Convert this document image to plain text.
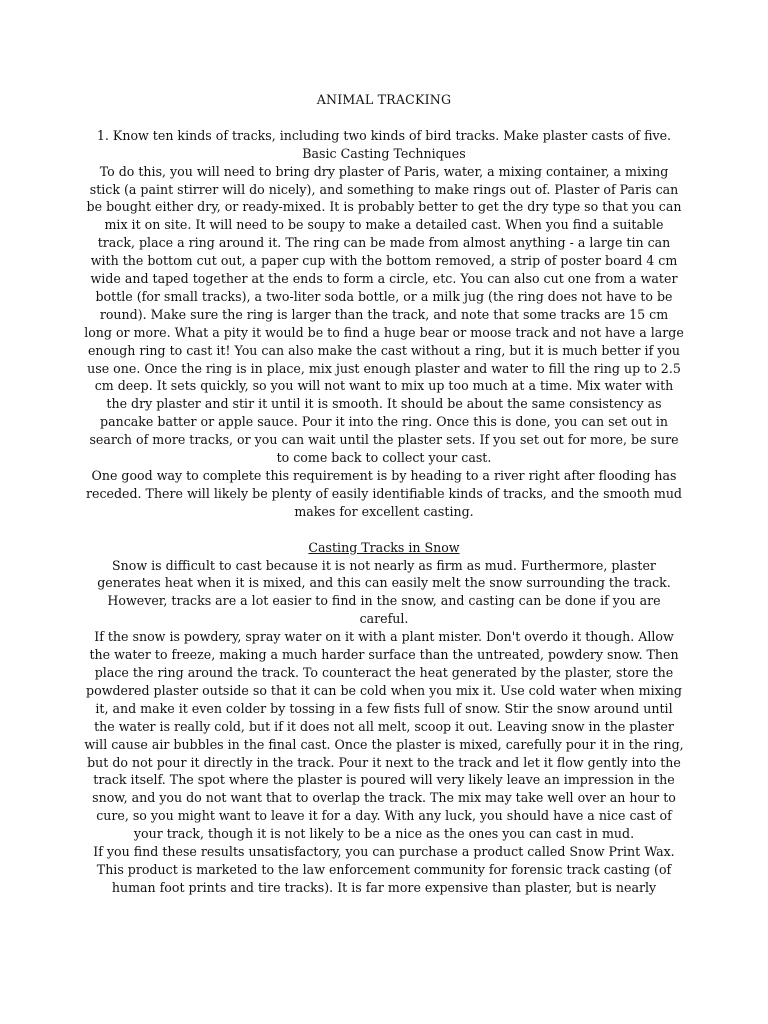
ANIMAL TRACKING
1. Know ten kinds of tracks, including two kinds of bird tracks. Make plaster casts of five.
Basic Casting Techniques
To do this, you will need to bring dry plaster of Paris, water, a mixing container, a mixing stick (a paint stirrer will do nicely), and something to make rings out of. Plaster of Paris can be bought either dry, or ready-mixed. It is probably better to get the dry type so that you can mix it on site. It will need to be soupy to make a detailed cast. When you find a suitable track, place a ring around it. The ring can be made from almost anything - a large tin can with the bottom cut out, a paper cup with the bottom removed, a strip of poster board 4 cm wide and taped together at the ends to form a circle, etc. You can also cut one from a water bottle (for small tracks), a two-liter soda bottle, or a milk jug (the ring does not have to be round). Make sure the ring is larger than the track, and note that some tracks are 15 cm long or more. What a pity it would be to find a huge bear or moose track and not have a large enough ring to cast it! You can also make the cast without a ring, but it is much better if you use one. Once the ring is in place, mix just enough plaster and water to fill the ring up to 2.5 cm deep. It sets quickly, so you will not want to mix up too much at a time. Mix water with the dry plaster and stir it until it is smooth. It should be about the same consistency as pancake batter or apple sauce. Pour it into the ring. Once this is done, you can set out in search of more tracks, or you can wait until the plaster sets. If you set out for more, be sure to come back to collect your cast.
One good way to complete this requirement is by heading to a river right after flooding has receded. There will likely be plenty of easily identifiable kinds of tracks, and the smooth mud makes for excellent casting.
Casting Tracks in Snow
Snow is difficult to cast because it is not nearly as firm as mud. Furthermore, plaster generates heat when it is mixed, and this can easily melt the snow surrounding the track. However, tracks are a lot easier to find in the snow, and casting can be done if you are careful.
If the snow is powdery, spray water on it with a plant mister. Don't overdo it though. Allow the water to freeze, making a much harder surface than the untreated, powdery snow. Then place the ring around the track. To counteract the heat generated by the plaster, store the powdered plaster outside so that it can be cold when you mix it. Use cold water when mixing it, and make it even colder by tossing in a few fists full of snow. Stir the snow around until the water is really cold, but if it does not all melt, scoop it out. Leaving snow in the plaster will cause air bubbles in the final cast. Once the plaster is mixed, carefully pour it in the ring, but do not pour it directly in the track. Pour it next to the track and let it flow gently into the track itself. The spot where the plaster is poured will very likely leave an impression in the snow, and you do not want that to overlap the track. The mix may take well over an hour to cure, so you might want to leave it for a day. With any luck, you should have a nice cast of your track, though it is not likely to be a nice as the ones you can cast in mud.
If you find these results unsatisfactory, you can purchase a product called Snow Print Wax. This product is marketed to the law enforcement community for forensic track casting (of human foot prints and tire tracks). It is far more expensive than plaster, but is nearly
